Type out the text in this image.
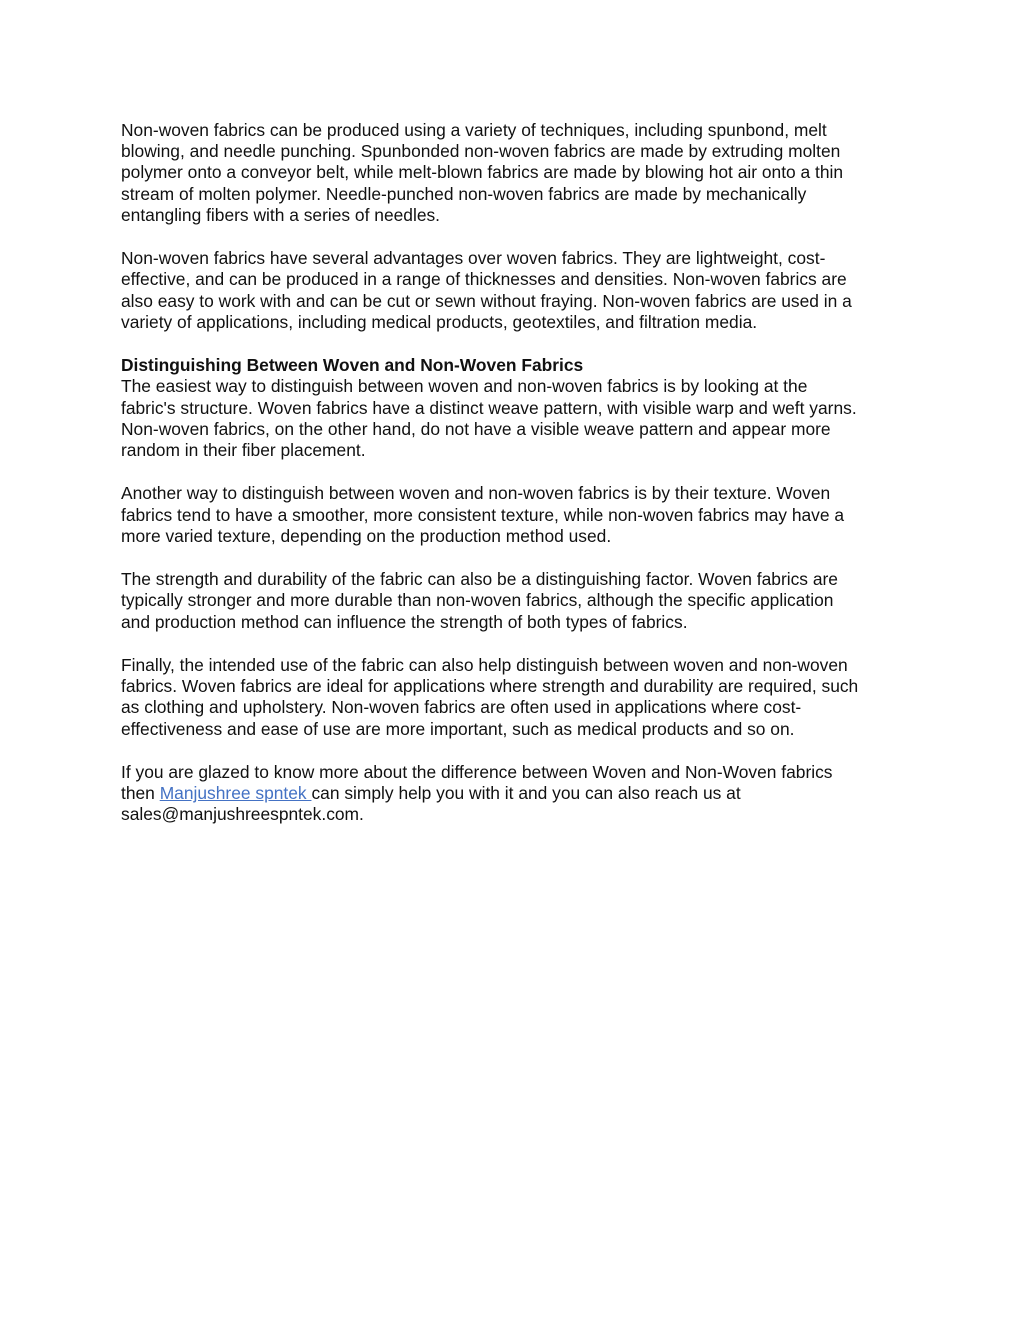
Non-woven fabrics can be produced using a variety of techniques, including spunbond, melt

blowing, and needle punching. Spunbonded non-woven fabrics are made by extruding molten

polymer onto a conveyor belt, while melt-blown fabrics are made by blowing hot air onto a thin

stream of molten polymer. Needle-punched non-woven fabrics are made by mechanically

entangling fibers with a series of needles.

Non-woven fabrics have several advantages over woven fabrics. They are lightweight, cost-

effective, and can be produced in a range of thicknesses and densities. Non-woven fabrics are

also easy to work with and can be cut or sewn without fraying. Non-woven fabrics are used in a

variety of applications, including medical products, geotextiles, and filtration media.

Distinguishing Between Woven and Non-Woven Fabrics

The easiest way to distinguish between woven and non-woven fabrics is by looking at the

fabric's structure. Woven fabrics have a distinct weave pattern, with visible warp and weft yarns.

Non-woven fabrics, on the other hand, do not have a visible weave pattern and appear more

random in their fiber placement.

Another way to distinguish between woven and non-woven fabrics is by their texture. Woven

fabrics tend to have a smoother, more consistent texture, while non-woven fabrics may have a

more varied texture, depending on the production method used.

The strength and durability of the fabric can also be a distinguishing factor. Woven fabrics are

typically stronger and more durable than non-woven fabrics, although the specific application

and production method can influence the strength of both types of fabrics.

Finally, the intended use of the fabric can also help distinguish between woven and non-woven

fabrics. Woven fabrics are ideal for applications where strength and durability are required, such

as clothing and upholstery. Non-woven fabrics are often used in applications where cost-

effectiveness and ease of use are more important, such as medical products and so on.

If you are glazed to know more about the difference between Woven and Non-Woven fabrics

then Manjushree spntek can simply help you with it and you can also reach us at

sales@manjushreespntek.com.
